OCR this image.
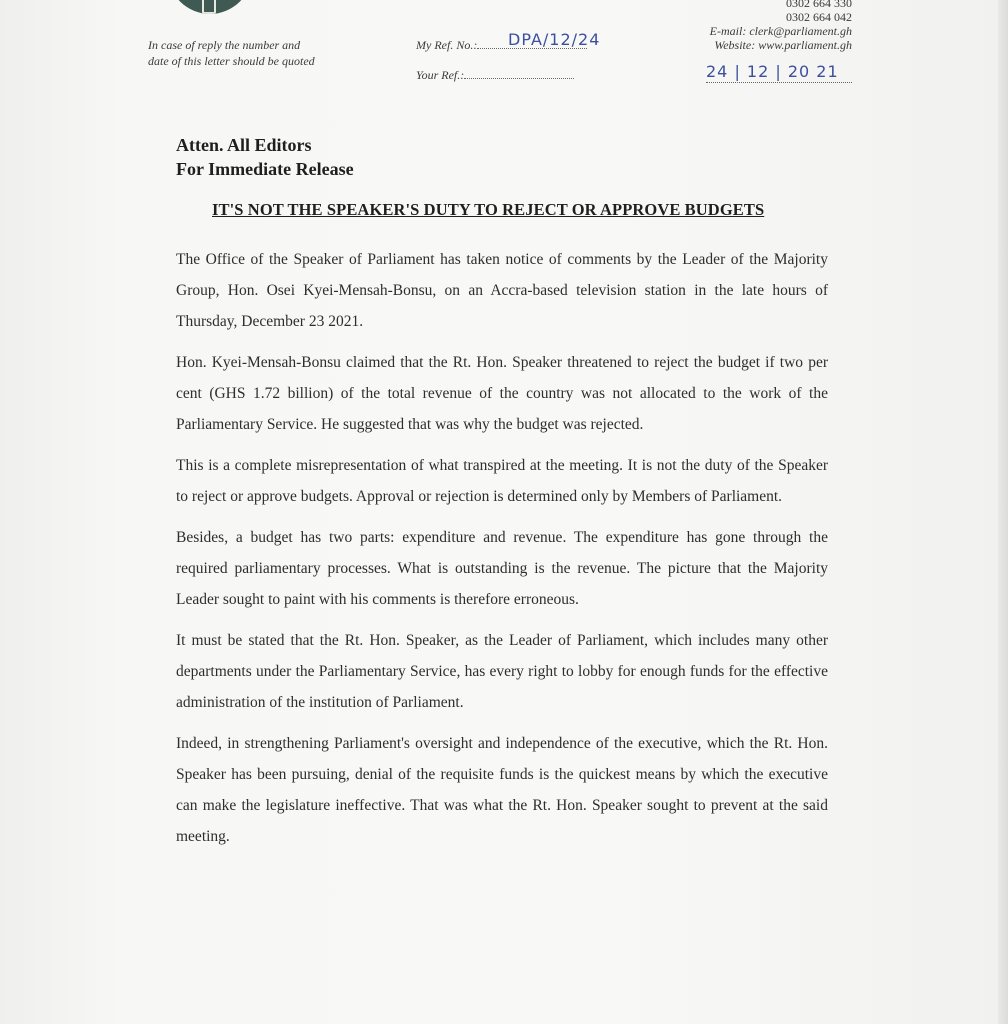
0302 664 330
0302 664 042
E-mail: clerk@parliament.gh
Website: www.parliament.gh
In case of reply the number and date of this letter should be quoted
My Ref. No.: DPA/12/24
Your Ref.:	24 | 12 | 20 21
Atten. All Editors
For Immediate Release
IT'S NOT THE SPEAKER'S DUTY TO REJECT OR APPROVE BUDGETS

The Office of the Speaker of Parliament has taken notice of comments by the Leader of the Majority Group, Hon. Osei Kyei-Mensah-Bonsu, on an Accra-based television station in the late hours of Thursday, December 23 2021.

Hon. Kyei-Mensah-Bonsu claimed that the Rt. Hon. Speaker threatened to reject the budget if two per cent (GHS 1.72 billion) of the total revenue of the country was not allocated to the work of the Parliamentary Service. He suggested that was why the budget was rejected.

This is a complete misrepresentation of what transpired at the meeting. It is not the duty of the Speaker to reject or approve budgets. Approval or rejection is determined only by Members of Parliament.

Besides, a budget has two parts: expenditure and revenue. The expenditure has gone through the required parliamentary processes. What is outstanding is the revenue. The picture that the Majority Leader sought to paint with his comments is therefore erroneous.

It must be stated that the Rt. Hon. Speaker, as the Leader of Parliament, which includes many other departments under the Parliamentary Service, has every right to lobby for enough funds for the effective administration of the institution of Parliament.

Indeed, in strengthening Parliament's oversight and independence of the executive, which the Rt. Hon. Speaker has been pursuing, denial of the requisite funds is the quickest means by which the executive can make the legislature ineffective. That was what the Rt. Hon. Speaker sought to prevent at the said meeting.
